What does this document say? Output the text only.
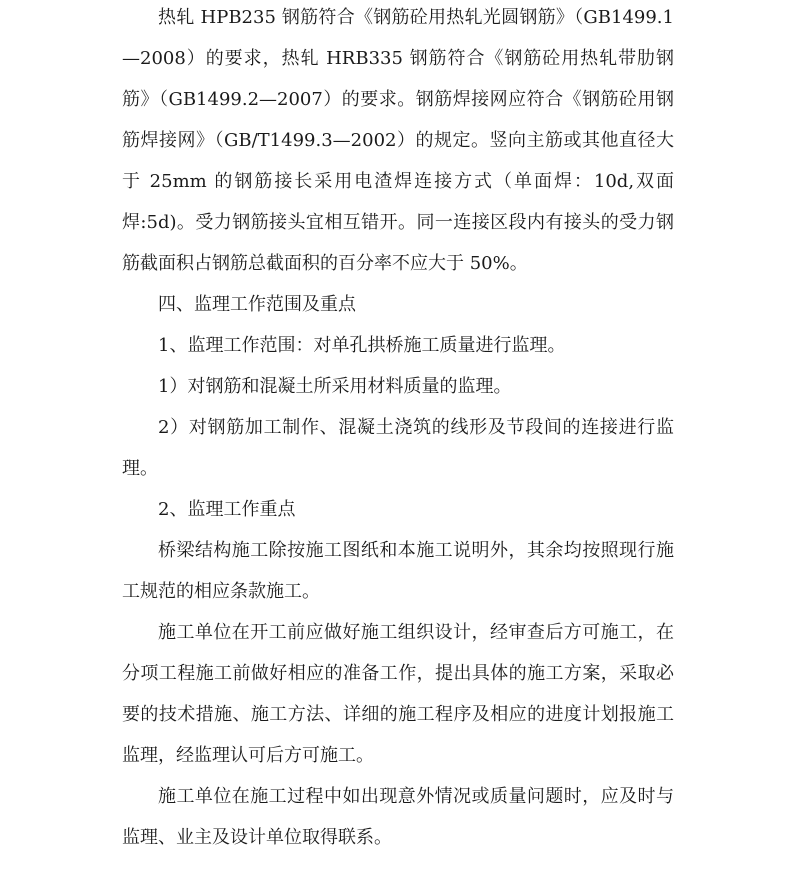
热轧 HPB235 钢筋符合《钢筋砼用热轧光圆钢筋》（GB1499.1—2008）的要求，热轧 HRB335 钢筋符合《钢筋砼用热轧带肋钢筋》（GB1499.2—2007）的要求。钢筋焊接网应符合《钢筋砼用钢筋焊接网》（GB/T1499.3—2002）的规定。竖向主筋或其他直径大于 25mm 的钢筋接长采用电渣焊连接方式（单面焊：10d,双面焊:5d)。受力钢筋接头宜相互错开。同一连接区段内有接头的受力钢筋截面积占钢筋总截面积的百分率不应大于 50%。

四、监理工作范围及重点

1、监理工作范围：对单孔拱桥施工质量进行监理。

1）对钢筋和混凝土所采用材料质量的监理。

2）对钢筋加工制作、混凝土浇筑的线形及节段间的连接进行监理。

2、监理工作重点

桥梁结构施工除按施工图纸和本施工说明外，其余均按照现行施工规范的相应条款施工。

施工单位在开工前应做好施工组织设计，经审查后方可施工，在分项工程施工前做好相应的准备工作，提出具体的施工方案，采取必要的技术措施、施工方法、详细的施工程序及相应的进度计划报施工监理，经监理认可后方可施工。

施工单位在施工过程中如出现意外情况或质量问题时，应及时与监理、业主及设计单位取得联系。
